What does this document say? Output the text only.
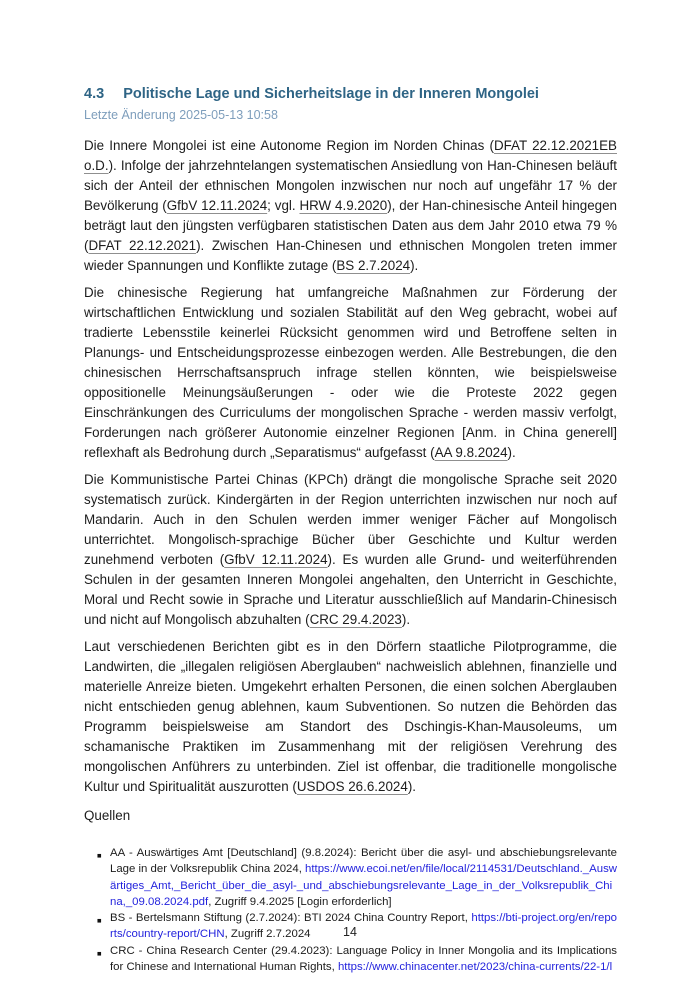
4.3 Politische Lage und Sicherheitslage in der Inneren Mongolei
Letzte Änderung 2025-05-13 10:58

Die Innere Mongolei ist eine Autonome Region im Norden Chinas (DFAT 22.12.2021EB o.D.). Infolge der jahrzehntelangen systematischen Ansiedlung von Han-Chinesen beläuft sich der Anteil der ethnischen Mongolen inzwischen nur noch auf ungefähr 17 % der Bevölkerung (GfbV 12.11.2024; vgl. HRW 4.9.2020), der Han-chinesische Anteil hingegen beträgt laut den jüngsten verfügbaren statistischen Daten aus dem Jahr 2010 etwa 79 % (DFAT 22.12.2021). Zwischen Han-Chinesen und ethnischen Mongolen treten immer wieder Spannungen und Konflikte zutage (BS 2.7.2024).

Die chinesische Regierung hat umfangreiche Maßnahmen zur Förderung der wirtschaftlichen Entwicklung und sozialen Stabilität auf den Weg gebracht, wobei auf tradierte Lebensstile keinerlei Rücksicht genommen wird und Betroffene selten in Planungs- und Entscheidungsprozesse einbezogen werden. Alle Bestrebungen, die den chinesischen Herrschaftsanspruch infrage stellen könnten, wie beispielsweise oppositionelle Meinungsäußerungen - oder wie die Proteste 2022 gegen Einschränkungen des Curriculums der mongolischen Sprache - werden massiv verfolgt, Forderungen nach größerer Autonomie einzelner Regionen [Anm. in China generell] reflexhaft als Bedrohung durch „Separatismus“ aufgefasst (AA 9.8.2024).

Die Kommunistische Partei Chinas (KPCh) drängt die mongolische Sprache seit 2020 systematisch zurück. Kindergärten in der Region unterrichten inzwischen nur noch auf Mandarin. Auch in den Schulen werden immer weniger Fächer auf Mongolisch unterrichtet. Mongolisch-sprachige Bücher über Geschichte und Kultur werden zunehmend verboten (GfbV 12.11.2024). Es wurden alle Grund- und weiterführenden Schulen in der gesamten Inneren Mongolei angehalten, den Unterricht in Geschichte, Moral und Recht sowie in Sprache und Literatur ausschließlich auf Mandarin-Chinesisch und nicht auf Mongolisch abzuhalten (CRC 29.4.2023).

Laut verschiedenen Berichten gibt es in den Dörfern staatliche Pilotprogramme, die Landwirten, die „illegalen religiösen Aberglauben“ nachweislich ablehnen, finanzielle und materielle Anreize bieten. Umgekehrt erhalten Personen, die einen solchen Aberglauben nicht entschieden genug ablehnen, kaum Subventionen. So nutzen die Behörden das Programm beispielsweise am Standort des Dschingis-Khan-Mausoleums, um schamanische Praktiken im Zusammenhang mit der religiösen Verehrung des mongolischen Anführers zu unterbinden. Ziel ist offenbar, die traditionelle mongolische Kultur und Spiritualität auszurotten (USDOS 26.6.2024).

Quellen
■ AA - Auswärtiges Amt [Deutschland] (9.8.2024): Bericht über die asyl- und abschiebungsrelevante Lage in der Volksrepublik China 2024, https://www.ecoi.net/en/file/local/2114531/Deutschland._Auswärtiges_Amt,_Bericht_über_die_asyl-_und_abschiebungsrelevante_Lage_in_der_Volksrepublik_China,_09.08.2024.pdf, Zugriff 9.4.2025 [Login erforderlich]
■ BS - Bertelsmann Stiftung (2.7.2024): BTI 2024 China Country Report, https://bti-project.org/en/reports/country-report/CHN, Zugriff 2.7.2024
■ CRC - China Research Center (29.4.2023): Language Policy in Inner Mongolia and its Implications for Chinese and International Human Rights, https://www.chinacenter.net/2023/china-currents/22-1/l
14
